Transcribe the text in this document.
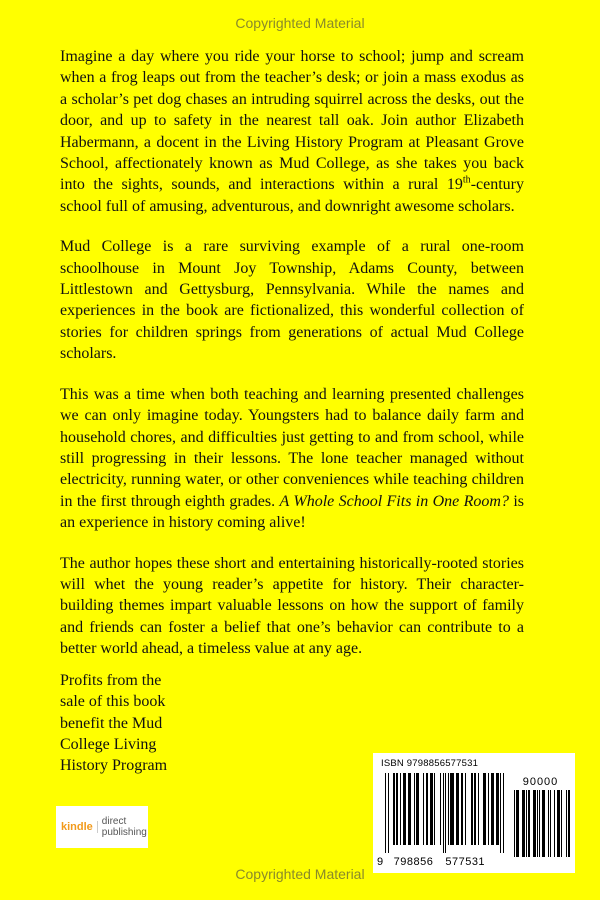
Copyrighted Material

Imagine a day where you ride your horse to school; jump and scream when a frog leaps out from the teacher’s desk; or join a mass exodus as a scholar’s pet dog chases an intruding squirrel across the desks, out the door, and up to safety in the nearest tall oak. Join author Elizabeth Habermann, a docent in the Living History Program at Pleasant Grove School, affectionately known as Mud College, as she takes you back into the sights, sounds, and interactions within a rural 19th-century school full of amusing, adventurous, and downright awesome scholars.

Mud College is a rare surviving example of a rural one-room schoolhouse in Mount Joy Township, Adams County, between Littlestown and Gettysburg, Pennsylvania. While the names and experiences in the book are fictionalized, this wonderful collection of stories for children springs from generations of actual Mud College scholars.

This was a time when both teaching and learning presented challenges we can only imagine today. Youngsters had to balance daily farm and household chores, and difficulties just getting to and from school, while still progressing in their lessons. The lone teacher managed without electricity, running water, or other conveniences while teaching children in the first through eighth grades. A Whole School Fits in One Room? is an experience in history coming alive!

The author hopes these short and entertaining historically-rooted stories will whet the young reader’s appetite for history. Their character-building themes impart valuable lessons on how the support of family and friends can foster a belief that one’s behavior can contribute to a better world ahead, a timeless value at any age.

Profits from the sale of this book benefit the Mud College Living History Program

kindle direct
publishing
ISBN 9798856577531
90000
9 798856 577531
Copyrighted Material
